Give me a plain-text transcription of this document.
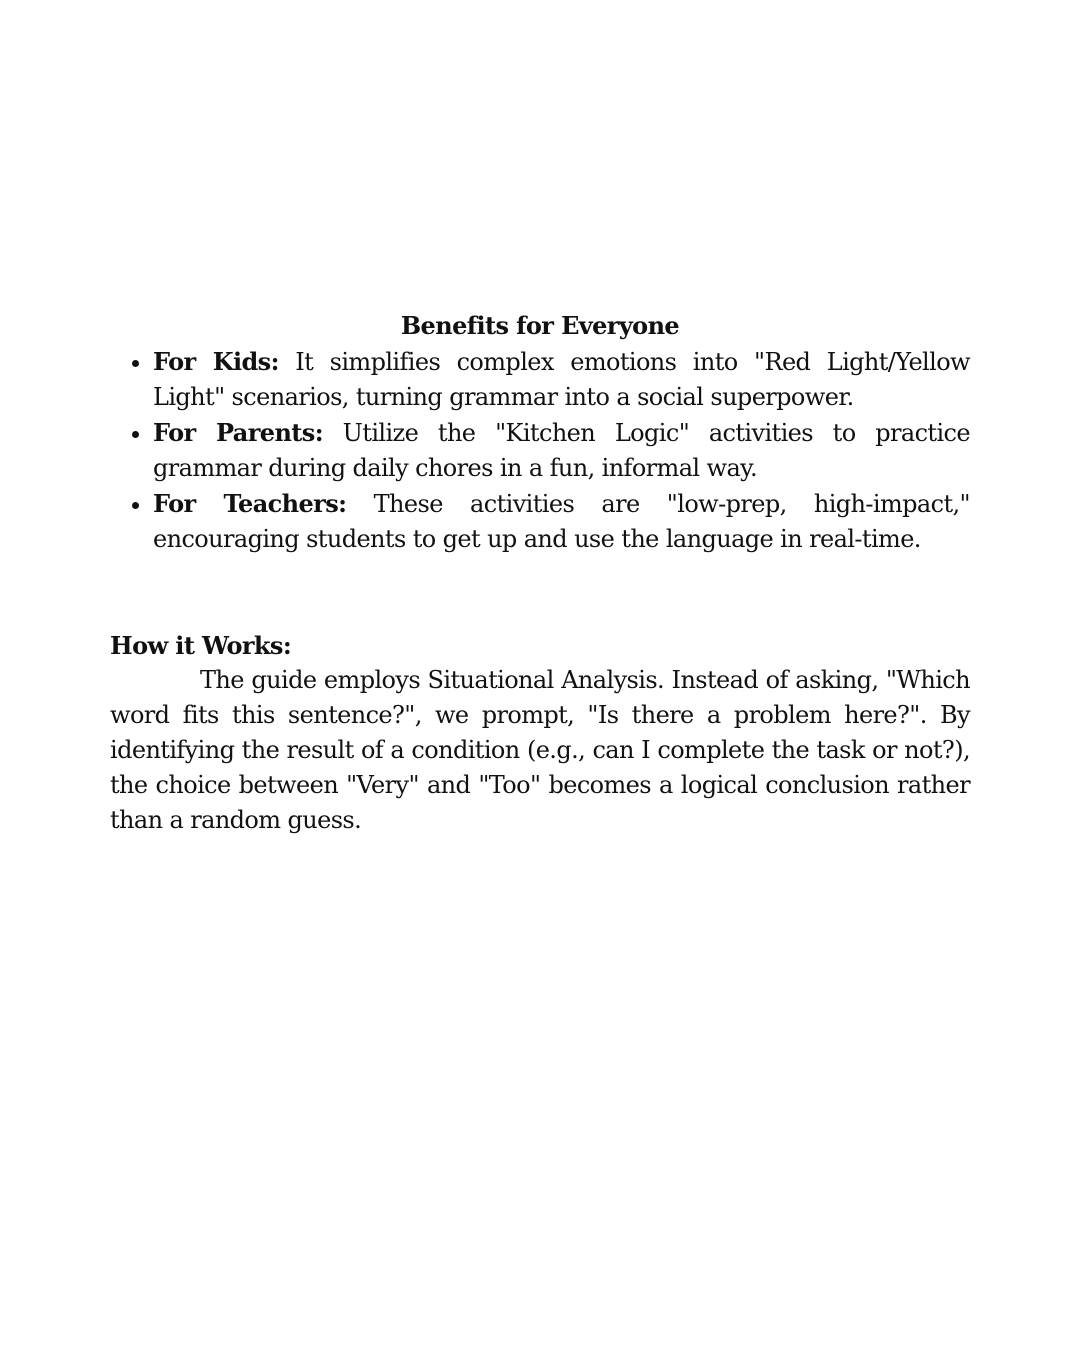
Benefits for Everyone
• For Kids: It simplifies complex emotions into "Red Light/Yellow Light" scenarios, turning grammar into a social superpower.
• For Parents: Utilize the "Kitchen Logic" activities to practice grammar during daily chores in a fun, informal way.
• For Teachers: These activities are "low-prep, high-impact," encouraging students to get up and use the language in real-time.
How it Works:

The guide employs Situational Analysis. Instead of asking, "Which word fits this sentence?", we prompt, "Is there a problem here?". By identifying the result of a condition (e.g., can I complete the task or not?), the choice between "Very" and "Too" becomes a logical conclusion rather than a random guess.
